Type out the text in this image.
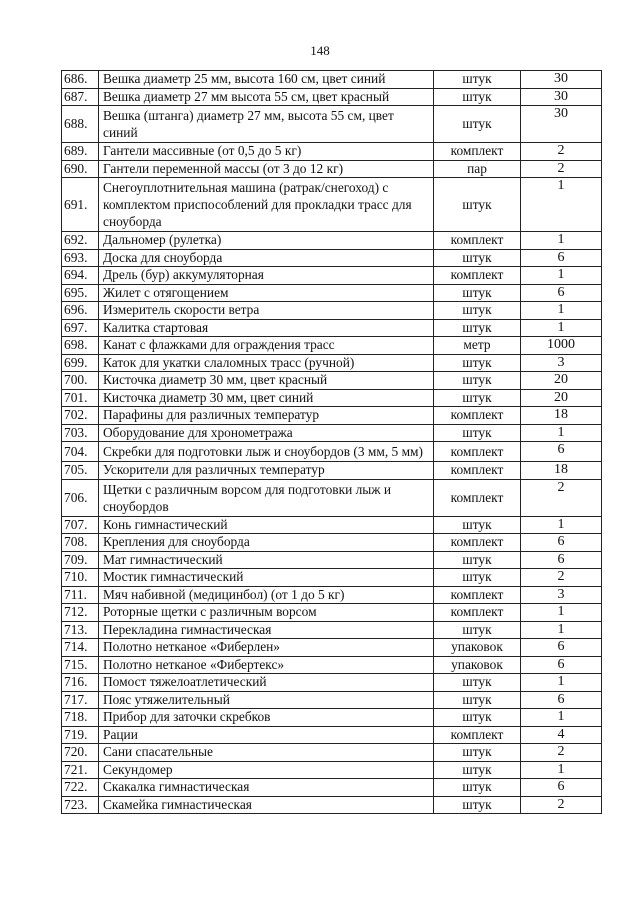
148
686.	Вешка диаметр 25 мм, высота 160 см, цвет синий	штук	30
687.	Вешка диаметр 27 мм высота 55 см, цвет красный	штук	30
688.	Вешка (штанга) диаметр 27 мм, высота 55 см, цвет синий	штук	30
689.	Гантели массивные (от 0,5 до 5 кг)	комплект	2
690.	Гантели переменной массы (от 3 до 12 кг)	пар	2
691.	Снегоуплотнительная машина (ратрак/снегоход) с комплектом приспособлений для прокладки трасс для сноуборда	штук	1
692.	Дальномер (рулетка)	комплект	1
693.	Доска для сноуборда	штук	6
694.	Дрель (бур) аккумуляторная	комплект	1
695.	Жилет с отягощением	штук	6
696.	Измеритель скорости ветра	штук	1
697.	Калитка стартовая	штук	1
698.	Канат с флажками для ограждения трасс	метр	1000
699.	Каток для укатки слаломных трасс (ручной)	штук	3
700.	Кисточка диаметр 30 мм, цвет красный	штук	20
701.	Кисточка диаметр 30 мм, цвет синий	штук	20
702.	Парафины для различных температур	комплект	18
703.	Оборудование для хронометража	штук	1
704.	Скребки для подготовки лыж и сноубордов (3 мм, 5 мм)	комплект	6
705.	Ускорители для различных температур	комплект	18
706.	Щетки с различным ворсом для подготовки лыж и сноубордов	комплект	2
707.	Конь гимнастический	штук	1
708.	Крепления для сноуборда	комплект	6
709.	Мат гимнастический	штук	6
710.	Мостик гимнастический	штук	2
711.	Мяч набивной (медицинбол) (от 1 до 5 кг)	комплект	3
712.	Роторные щетки с различным ворсом	комплект	1
713.	Перекладина гимнастическая	штук	1
714.	Полотно нетканое «Фиберлен»	упаковок	6
715.	Полотно нетканое «Фибертекс»	упаковок	6
716.	Помост тяжелоатлетический	штук	1
717.	Пояс утяжелительный	штук	6
718.	Прибор для заточки скребков	штук	1
719.	Рации	комплект	4
720.	Сани спасательные	штук	2
721.	Секундомер	штук	1
722.	Скакалка гимнастическая	штук	6
723.	Скамейка гимнастическая	штук	2
